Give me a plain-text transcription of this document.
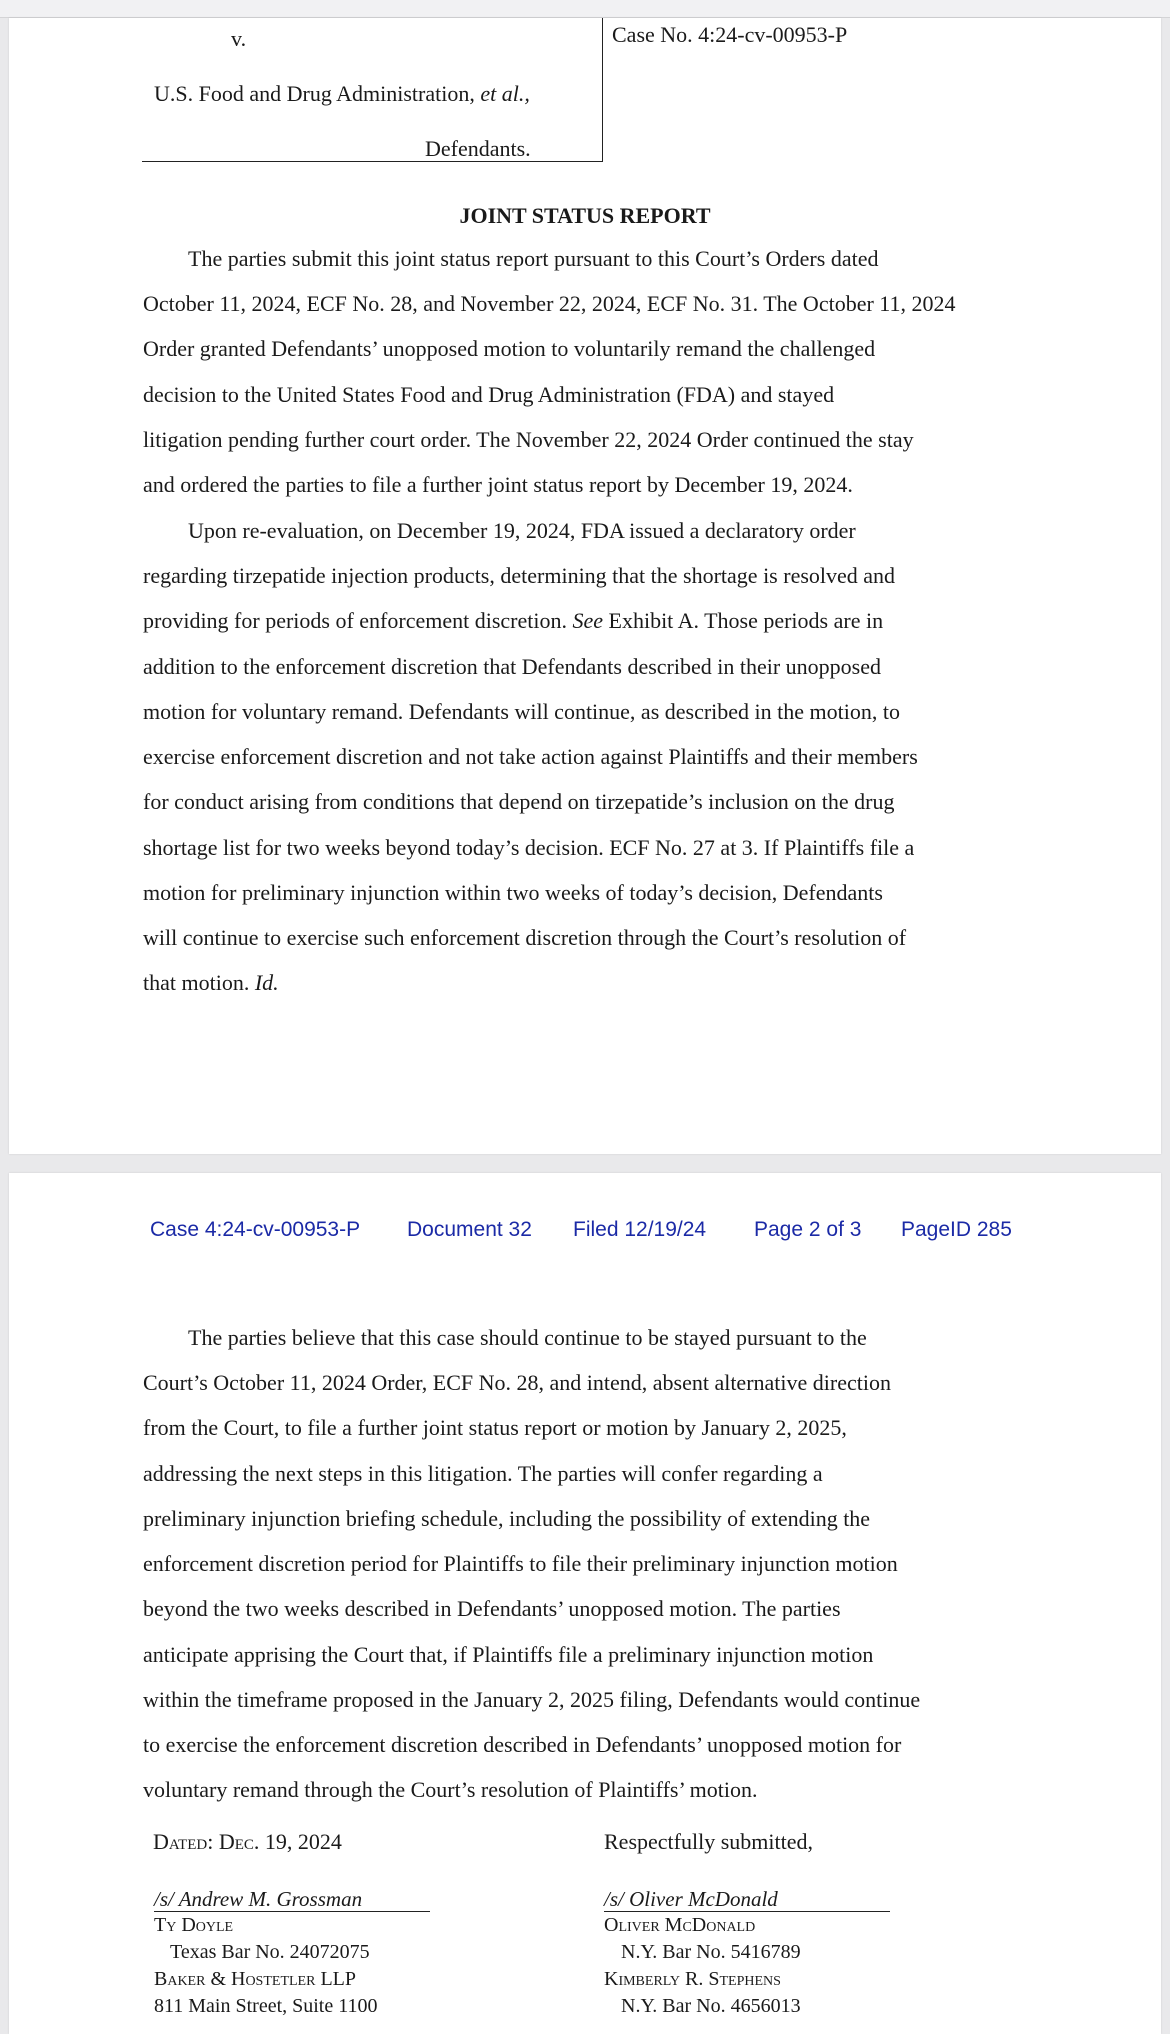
v.
U.S. Food and Drug Administration, et al.,
Defendants.
Case No. 4:24-cv-00953-P
JOINT STATUS REPORT
The parties submit this joint status report pursuant to this Court’s Orders dated
October 11, 2024, ECF No. 28, and November 22, 2024, ECF No. 31. The October 11, 2024
Order granted Defendants’ unopposed motion to voluntarily remand the challenged
decision to the United States Food and Drug Administration (FDA) and stayed
litigation pending further court order. The November 22, 2024 Order continued the stay
and ordered the parties to file a further joint status report by December 19, 2024.
Upon re-evaluation, on December 19, 2024, FDA issued a declaratory order
regarding tirzepatide injection products, determining that the shortage is resolved and
providing for periods of enforcement discretion. See Exhibit A. Those periods are in
addition to the enforcement discretion that Defendants described in their unopposed
motion for voluntary remand. Defendants will continue, as described in the motion, to
exercise enforcement discretion and not take action against Plaintiffs and their members
for conduct arising from conditions that depend on tirzepatide’s inclusion on the drug
shortage list for two weeks beyond today’s decision. ECF No. 27 at 3. If Plaintiffs file a
motion for preliminary injunction within two weeks of today’s decision, Defendants
will continue to exercise such enforcement discretion through the Court’s resolution of
that motion. Id.
Case 4:24-cv-00953-P Document 32 Filed 12/19/24 Page 2 of 3 PageID 285
The parties believe that this case should continue to be stayed pursuant to the
Court’s October 11, 2024 Order, ECF No. 28, and intend, absent alternative direction
from the Court, to file a further joint status report or motion by January 2, 2025,
addressing the next steps in this litigation. The parties will confer regarding a
preliminary injunction briefing schedule, including the possibility of extending the
enforcement discretion period for Plaintiffs to file their preliminary injunction motion
beyond the two weeks described in Defendants’ unopposed motion. The parties
anticipate apprising the Court that, if Plaintiffs file a preliminary injunction motion
within the timeframe proposed in the January 2, 2025 filing, Defendants would continue
to exercise the enforcement discretion described in Defendants’ unopposed motion for
voluntary remand through the Court’s resolution of Plaintiffs’ motion.
Dated: Dec. 19, 2024	Respectfully submitted,
/s/ Andrew M. Grossman
Ty Doyle
Texas Bar No. 24072075
Baker & Hostetler LLP
811 Main Street, Suite 1100
/s/ Oliver McDonald
Oliver McDonald
N.Y. Bar No. 5416789
Kimberly R. Stephens
N.Y. Bar No. 4656013
